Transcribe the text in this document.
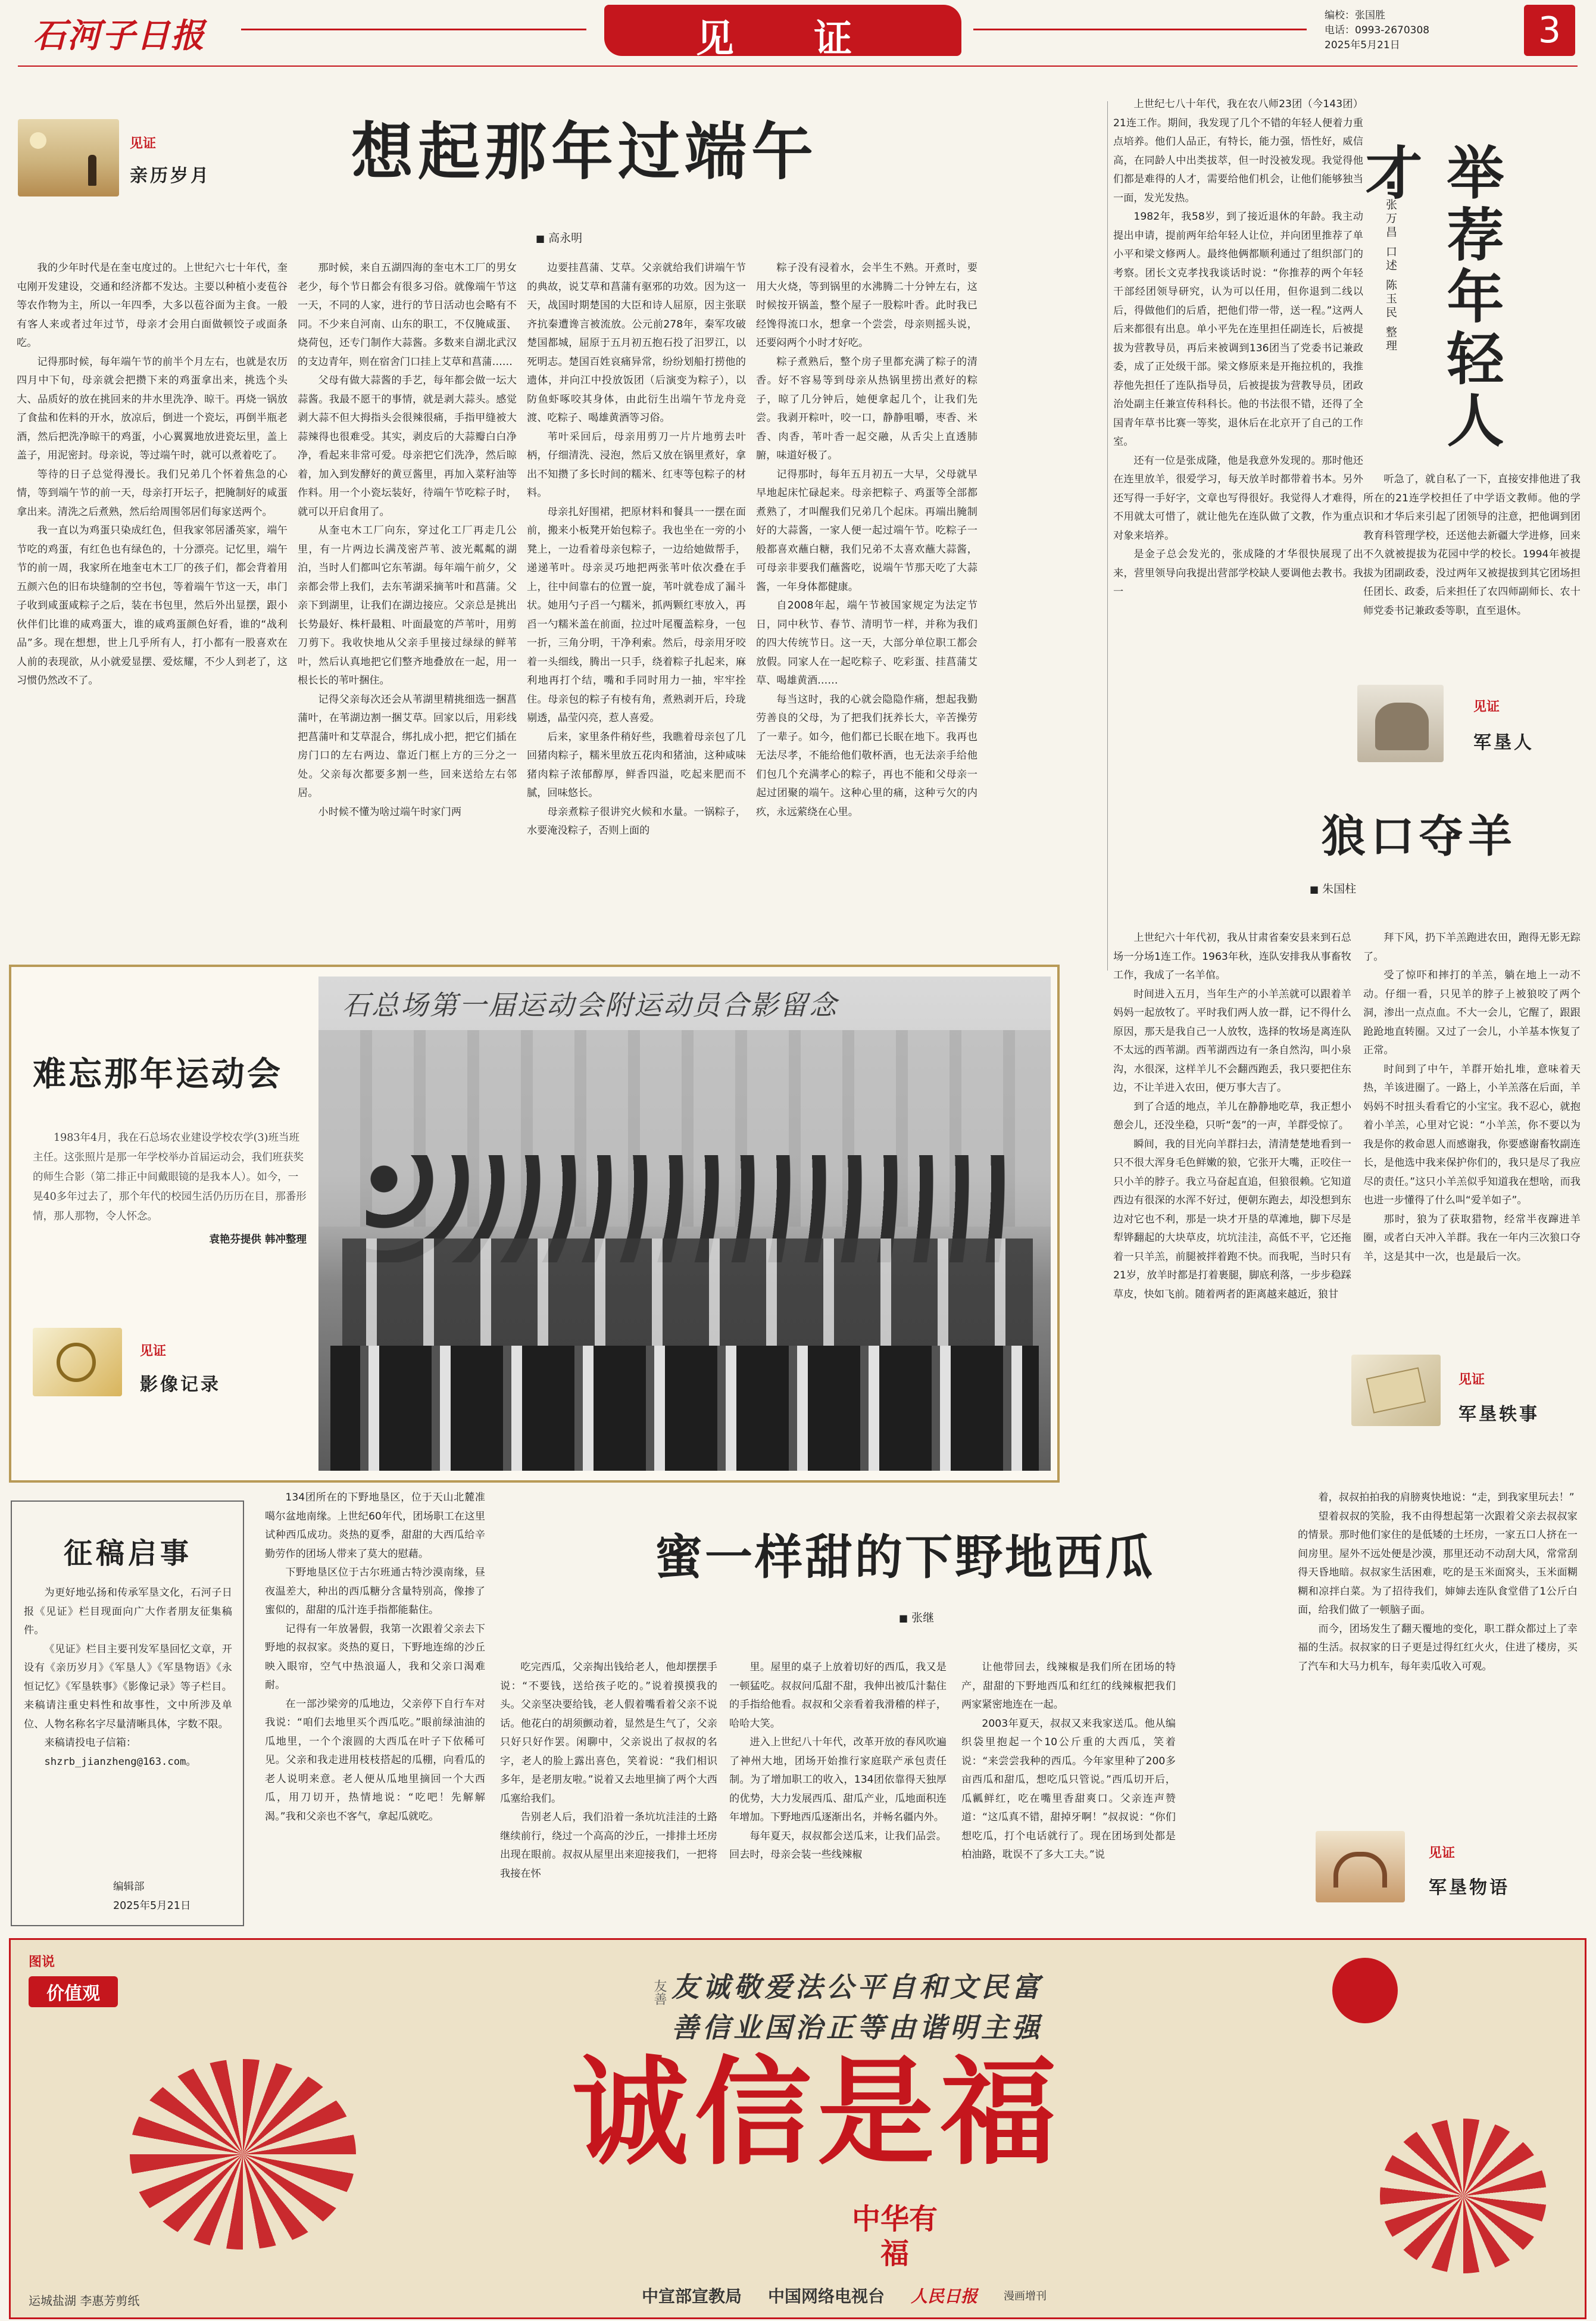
石河子日报	见  证
编校：张国胜
电话：0993-2670308
2025年5月21日	3
见证
亲历岁月	想起那年过端午
■ 高永明

我的少年时代是在奎屯度过的。上世纪六七十年代，奎屯刚开发建设，交通和经济都不发达。主要以种植小麦苞谷等农作物为主，所以一年四季，大多以苞谷面为主食。一般有客人来或者过年过节，母亲才会用白面做顿饺子或面条吃。

记得那时候，每年端午节的前半个月左右，也就是农历四月中下旬，母亲就会把攒下来的鸡蛋拿出来，挑选个头大、品质好的放在挑回来的井水里洗净、晾干。再烧一锅放了食盐和佐料的开水，放凉后，倒进一个瓷坛，再倒半瓶老酒，然后把洗净晾干的鸡蛋，小心翼翼地放进瓷坛里，盖上盖子，用泥密封。母亲说，等过端午时，就可以煮着吃了。

等待的日子总觉得漫长。我们兄弟几个怀着焦急的心情，等到端午节的前一天，母亲打开坛子，把腌制好的咸蛋拿出来。清洗之后煮熟，然后给周围邻居们每家送两个。

我一直以为鸡蛋只染成红色，但我家邻居潘英家，端午节吃的鸡蛋，有红色也有绿色的，十分漂亮。记忆里，端午节的前一周，我家所在地奎屯木工厂的孩子们，都会背着用五颜六色的旧布块缝制的空书包，等着端午节这一天，串门子收到咸蛋咸粽子之后，装在书包里，然后外出显摆，跟小伙伴们比谁的咸鸡蛋大，谁的咸鸡蛋颜色好看，谁的“战利品”多。现在想想，世上几乎所有人，打小都有一股喜欢在人前的表现欲，从小就爱显摆、爱炫耀，不少人到老了，这习惯仍然改不了。

那时候，来自五湖四海的奎屯木工厂的男女老少，每个节日都会有很多习俗。就像端午节这一天，不同的人家，进行的节日活动也会略有不同。不少来自河南、山东的职工，不仅腌咸蛋、烧荷包，还专门制作大蒜酱。多数来自湖北武汉的支边青年，则在宿舍门口挂上艾草和菖蒲……

父母有做大蒜酱的手艺，每年都会做一坛大蒜酱。我最不愿干的事情，就是剥大蒜头。感觉剥大蒜不但大拇指头会很辣很痛，手指甲缝被大蒜辣得也很难受。其实，剥皮后的大蒜瓣白白净净，看起来非常可爱。母亲把它们洗净，然后晾着，加入到发酵好的黄豆酱里，再加入菜籽油等作料。用一个小瓷坛装好，待端午节吃粽子时，就可以开启食用了。

从奎屯木工厂向东，穿过化工厂再走几公里，有一片两边长满茂密芦苇、波光粼粼的湖泊，当时人们都叫它东苇湖。每年端午前夕，父亲都会带上我们，去东苇湖采摘苇叶和菖蒲。父亲下到湖里，让我们在湖边接应。父亲总是挑出长势最好、株杆最粗、叶面最宽的芦苇叶，用剪刀剪下。我收快地从父亲手里接过绿绿的鲜苇叶，然后认真地把它们整齐地叠放在一起，用一根长长的苇叶捆住。

记得父亲每次还会从苇湖里精挑细选一捆菖蒲叶，在苇湖边割一捆艾草。回家以后，用彩线把菖蒲叶和艾草混合，绑扎成小把，把它们插在房门口的左右两边、靠近门框上方的三分之一处。父亲每次都要多割一些，回来送给左右邻居。

小时候不懂为啥过端午时家门两

边要挂菖蒲、艾草。父亲就给我们讲端午节的典故，说艾草和菖蒲有驱邪的功效。因为这一天，战国时期楚国的大臣和诗人屈原，因主张联齐抗秦遭谗言被流放。公元前278年，秦军攻破楚国都城，屈原于五月初五抱石投了汨罗江，以死明志。楚国百姓哀痛异常，纷纷划船打捞他的遗体，并向江中投放饭团（后演变为粽子），以防鱼虾啄咬其身体，由此衍生出端午节龙舟竞渡、吃粽子、喝雄黄酒等习俗。

苇叶采回后，母亲用剪刀一片片地剪去叶柄，仔细清洗、浸泡，然后又放在锅里煮好，拿出不知攒了多长时间的糯米、红枣等包粽子的材料。

母亲扎好围裙，把原材料和餐具一一摆在面前，搬来小板凳开始包粽子。我也坐在一旁的小凳上，一边看着母亲包粽子，一边给她做帮手，递递苇叶。母亲灵巧地把两张苇叶依次叠在手上，往中间靠右的位置一旋，苇叶就卷成了漏斗状。她用勺子舀一勺糯米，抓两颗红枣放入，再舀一勺糯米盖在前面，拉过叶尾覆盖粽身，一包一折，三角分明，干净利索。然后，母亲用牙咬着一头细线，腾出一只手，绕着粽子扎起来，麻利地再打个结，嘴和手同时用力一抽，牢牢拴住。母亲包的粽子有棱有角，煮熟剥开后，玲珑剔透，晶莹闪亮，惹人喜爱。

后来，家里条件稍好些，我瞧着母亲包了几回猪肉粽子，糯米里放五花肉和猪油，这种咸味猪肉粽子浓郁醇厚，鲜香四溢，吃起来肥而不腻，回味悠长。

母亲煮粽子很讲究火候和水量。一锅粽子，水要淹没粽子，否则上面的

粽子没有浸着水，会半生不熟。开煮时，要用大火烧，等到锅里的水沸腾二十分钟左右，这时候按开锅盖，整个屋子一股粽叶香。此时我已经馋得流口水，想拿一个尝尝，母亲则摇头说，还要闷两个小时才好吃。

粽子煮熟后，整个房子里都充满了粽子的清香。好不容易等到母亲从热锅里捞出煮好的粽子，晾了几分钟后，她便拿起几个，让我们先尝。我剥开粽叶，咬一口，静静咀嚼，枣香、米香、肉香，苇叶香一起交融，从舌尖上直透肺腑，味道好极了。

记得那时，每年五月初五一大早，父母就早早地起床忙碌起来。母亲把粽子、鸡蛋等全部都煮熟了，才叫醒我们兄弟几个起床。再端出腌制好的大蒜酱，一家人便一起过端午节。吃粽子一般都喜欢蘸白糖，我们兄弟不太喜欢蘸大蒜酱，可母亲非要我们蘸酱吃，说端午节那天吃了大蒜酱，一年身体都健康。

自2008年起，端午节被国家规定为法定节日，同中秋节、春节、清明节一样，并称为我们的四大传统节日。这一天，大部分单位职工都会放假。同家人在一起吃粽子、吃彩蛋、挂菖蒲艾草、喝雄黄酒……

每当这时，我的心就会隐隐作痛，想起我勤劳善良的父母，为了把我们抚养长大，辛苦操劳了一辈子。如今，他们都已长眠在地下。我再也无法尽孝，不能给他们敬杯酒，也无法亲手给他们包几个充满孝心的粽子，再也不能和父母亲一起过团聚的端午。这种心里的痛，这种亏欠的内疚，永远萦绕在心里。

上世纪七八十年代，我在农八师23团（今143团）21连工作。期间，我发现了几个不错的年轻人便着力重点培养。他们人品正，有特长，能力强，悟性好，威信高，在同龄人中出类拔萃，但一时没被发现。我觉得他们都是难得的人才，需要给他们机会，让他们能够独当一面，发光发热。

1982年，我58岁，到了接近退休的年龄。我主动提出申请，提前两年给年轻人让位，并向团里推荐了单小平和梁文修两人。最终他俩都顺利通过了组织部门的考察。团长文克孝找我谈话时说：“你推荐的两个年轻干部经团领导研究，认为可以任用，但你退到二线以后，得做他们的后盾，把他们带一带，送一程。”这两人后来都很有出息。单小平先在连里担任副连长，后被提拔为营教导员，再后来被调到136团当了党委书记兼政委，成了正处级干部。梁文修原来是开拖拉机的，我推荐他先担任了连队指导员，后被提拔为营教导员，团政治处副主任兼宣传科科长。他的书法很不错，还得了全国青年草书比赛一等奖，退休后在北京开了自己的工作室。

还有一位是张成隆，他是我意外发现的。那时他还在连里放羊，很爱学习，每天放羊时都带着书本。另外还写得一手好字，文章也写得很好。我觉得人才难得，不用就太可惜了，就让他先在连队做了文教，作为重点对象来培养。

是金子总会发光的，张成隆的才华很快展现了出来，营里领导向我提出营部学校缺人要调他去教书。我一

■ 张万昌 口述 陈玉民 整理 举荐年轻人才

听急了，就自私了一下，直接安排他进了我所在的21连学校担任了中学语文教师。他的学识和才华后来引起了团领导的注意，把他调到团教育科管理学校，还送他去新疆大学进修，回来不久就被提拔为花园中学的校长。1994年被提拔为团副政委，没过两年又被提拔到其它团场担任团长、政委，后来担任了农四师副师长、农十师党委书记兼政委等职，直至退休。

见证
军垦人
狼口夺羊
■ 朱国柱

上世纪六十年代初，我从甘肃省秦安县来到石总场一分场1连工作。1963年秋，连队安排我从事畜牧工作，我成了一名羊倌。

时间进入五月，当年生产的小羊羔就可以跟着羊妈妈一起放牧了。平时我们两人放一群，记不得什么原因，那天是我自己一人放牧，选择的牧场是离连队不太远的西苇湖。西苇湖西边有一条自然沟，叫小泉沟，水很深，这样羊儿不会翻西跑丢，我只要把住东边，不让羊进入农田，便万事大吉了。

到了合适的地点，羊儿在静静地吃草，我正想小憩会儿，还没坐稳，只听“轰”的一声，羊群受惊了。

瞬间，我的目光向羊群扫去，清清楚楚地看到一只不很大浑身毛色鲜嫩的狼，它张开大嘴，正咬住一只小羊的脖子。我立马奋起直追，但狼很赖。它知道西边有很深的水浑不好过，便朝东跑去，却没想到东边对它也不利，那是一块才开垦的草滩地，脚下尽是犁铧翻起的大块草皮，坑坑洼洼，高低不平，它还拖着一只羊羔，前腿被拌着跑不快。而我呢，当时只有21岁，放羊时都是打着裹腿，脚底利落，一步步稳踩草皮，快如飞前。随着两者的距离越来越近，狼甘

拜下风，扔下羊羔跑进农田，跑得无影无踪了。

受了惊吓和摔打的羊羔，躺在地上一动不动。仔细一看，只见羊的脖子上被狼咬了两个洞，渗出一点点血。不大一会儿，它醒了，跟跟跄跄地直转圈。又过了一会儿，小羊基本恢复了正常。

时间到了中午，羊群开始扎堆，意味着天热，羊该进圈了。一路上，小羊羔落在后面，羊妈妈不时扭头看看它的小宝宝。我不忍心，就抱着小羊羔，心里对它说：“小羊羔，你不要以为我是你的救命恩人而感谢我，你要感谢畜牧副连长，是他选中我来保护你们的，我只是尽了我应尽的责任。”这只小羊羔似乎知道我在想啥，而我也进一步懂得了什么叫“爱羊如子”。

那时，狼为了获取猎物，经常半夜蹿进羊圈，或者白天冲入羊群。我在一年内三次狼口夺羊，这是其中一次，也是最后一次。

见证
军垦轶事
难忘那年运动会

1983年4月，我在石总场农业建设学校农学(3)班当班主任。这张照片是那一年学校举办首届运动会，我们班获奖的师生合影（第二排正中间戴眼镜的是我本人）。如今，一晃40多年过去了，那个年代的校园生活仍历历在目，那番形情，那人那物，令人怀念。

袁艳芬提供 韩冲整理

见证
影像记录
石总场第一届运动会附运动员合影留念
征稿启事

为更好地弘扬和传承军垦文化，石河子日报《见证》栏目现面向广大作者朋友征集稿件。

《见证》栏目主要刊发军垦回忆文章，开设有《亲历岁月》《军垦人》《军垦物语》《永恒记忆》《军垦轶事》《影像记录》等子栏目。来稿请注重史料性和故事性，文中所涉及单位、人物名称名字尽量清晰具体，字数不限。

来稿请投电子信箱：

shzrb_jianzheng@163.com。

编辑部
2025年5月21日

134团所在的下野地垦区，位于天山北麓准噶尔盆地南缘。上世纪60年代，团场职工在这里试种西瓜成功。炎热的夏季，甜甜的大西瓜给辛勤劳作的团场人带来了莫大的慰藉。

下野地垦区位于古尔班通古特沙漠南缘，昼夜温差大，种出的西瓜糖分含量特别高，像掺了蜜似的，甜甜的瓜汁连手指都能黏住。

记得有一年放暑假，我第一次跟着父亲去下野地的叔叔家。炎热的夏日，下野地连绵的沙丘映入眼帘，空气中热浪逼人，我和父亲口渴难耐。

在一部沙梁旁的瓜地边，父亲停下自行车对我说：“咱们去地里买个西瓜吃。”眼前绿油油的瓜地里，一个个滚圆的大西瓜在叶子下依稀可见。父亲和我走进用枝枝搭起的瓜棚，向看瓜的老人说明来意。老人便从瓜地里摘回一个大西瓜，用刀切开，热情地说：“吃吧！先解解渴。”我和父亲也不客气，拿起瓜就吃。

蜜一样甜的下野地西瓜
■ 张继

吃完西瓜，父亲掏出钱给老人，他却摆摆手说：“不要钱，送给孩子吃的。”说着摸摸我的头。父亲坚决要给钱，老人假着嘴看着父亲不说话。他花白的胡须颤动着，显然是生气了，父亲只好只好作罢。闲聊中，父亲说出了叔叔的名字，老人的脸上露出喜色，笑着说：“我们相识多年，是老朋友啦。”说着又去地里摘了两个大西瓜塞给我们。

告别老人后，我们沿着一条坑坑洼洼的土路继续前行，绕过一个高高的沙丘，一排排土坯房出现在眼前。叔叔从屋里出来迎接我们，一把将我接在怀

里。屋里的桌子上放着切好的西瓜，我又是一顿猛吃。叔叔问瓜甜不甜，我伸出被瓜汁黏住的手指给他看。叔叔和父亲看着我滑稽的样子，哈哈大笑。

进入上世纪八十年代，改革开放的春风吹遍了神州大地，团场开始推行家庭联产承包责任制。为了增加职工的收入，134团依靠得天独厚的优势，大力发展西瓜、甜瓜产业，瓜地面积连年增加。下野地西瓜逐渐出名，并畅名疆内外。

每年夏天，叔叔都会送瓜来，让我们品尝。回去时，母亲会装一些线辣椒

让他带回去，线辣椒是我们所在团场的特产，甜甜的下野地西瓜和红红的线辣椒把我们两家紧密地连在一起。

2003年夏天，叔叔又来我家送瓜。他从编织袋里抱起一个10公斤重的大西瓜，笑着说：“来尝尝我种的西瓜。今年家里种了200多亩西瓜和甜瓜，想吃瓜只管说。”西瓜切开后，瓜瓤鲜红，吃在嘴里香甜爽口。父亲连声赞道：“这瓜真不错，甜掉牙啊！”叔叔说：“你们想吃瓜，打个电话就行了。现在团场到处都是柏油路，耽误不了多大工夫。”说

着，叔叔拍拍我的肩膀爽快地说：“走，到我家里玩去！”

望着叔叔的笑脸，我不由得想起第一次跟着父亲去叔叔家的情景。那时他们家住的是低矮的土坯房，一家五口人挤在一间房里。屋外不远处便是沙漠，那里还动不动刮大风，常常刮得天昏地暗。叔叔家生活困难，吃的是玉米面窝头，玉米面糊糊和凉拌白菜。为了招待我们，婶婶去连队食堂借了1公斤白面，给我们做了一顿脑子面。

而今，团场发生了翻天覆地的变化，职工群众都过上了幸福的生活。叔叔家的日子更是过得红红火火，住进了楼房，买了汽车和大马力机车，每年卖瓜收入可观。

见证
军垦物语
图说
价值观	友善 友诚敬爱法公平自和文民富
善信业国治正等由谐明主强
诚信是福
中华有福
运城盐湖 李惠芳剪纸	中宣部宣教局 中国网络电视台 人民日报 漫画增刊
